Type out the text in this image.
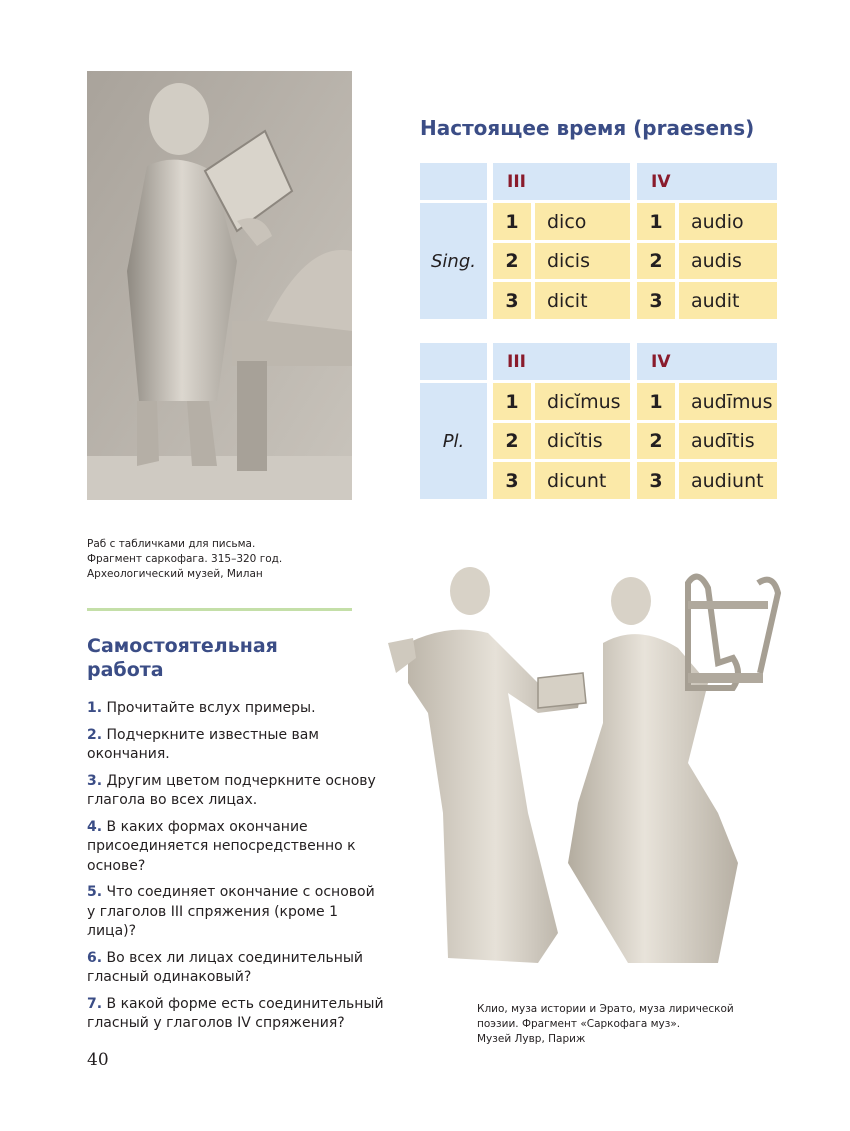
Раб с табличками для письма.
Фрагмент саркофага. 315–320 год.
Археологический музей, Милан
Настоящее время (praesens)
III	IV
Sing.
1	dico	1	audio
2	dicis	2	audis
3	dicit	3	audit
III	IV
Pl.
1	dicĭmus	1	audīmus
2	dicĭtis	2	audītis
3	dicunt	3	audiunt
Самостоятельная работа
1. Прочитайте вслух примеры.
2. Подчеркните известные вам окончания.
3. Другим цветом подчеркните основу глагола во всех лицах.
4. В каких формах окончание присоединяется непосредственно к основе?
5. Что соединяет окончание с основой у глаголов III спряжения (кроме 1 лица)?
6. Во всех ли лицах соединительный гласный одинаковый?
7. В какой форме есть соединительный гласный у глаголов IV спряжения?
Клио, муза истории и Эрато, муза лирической
поэзии. Фрагмент «Саркофага муз».
Музей Лувр, Париж
40
